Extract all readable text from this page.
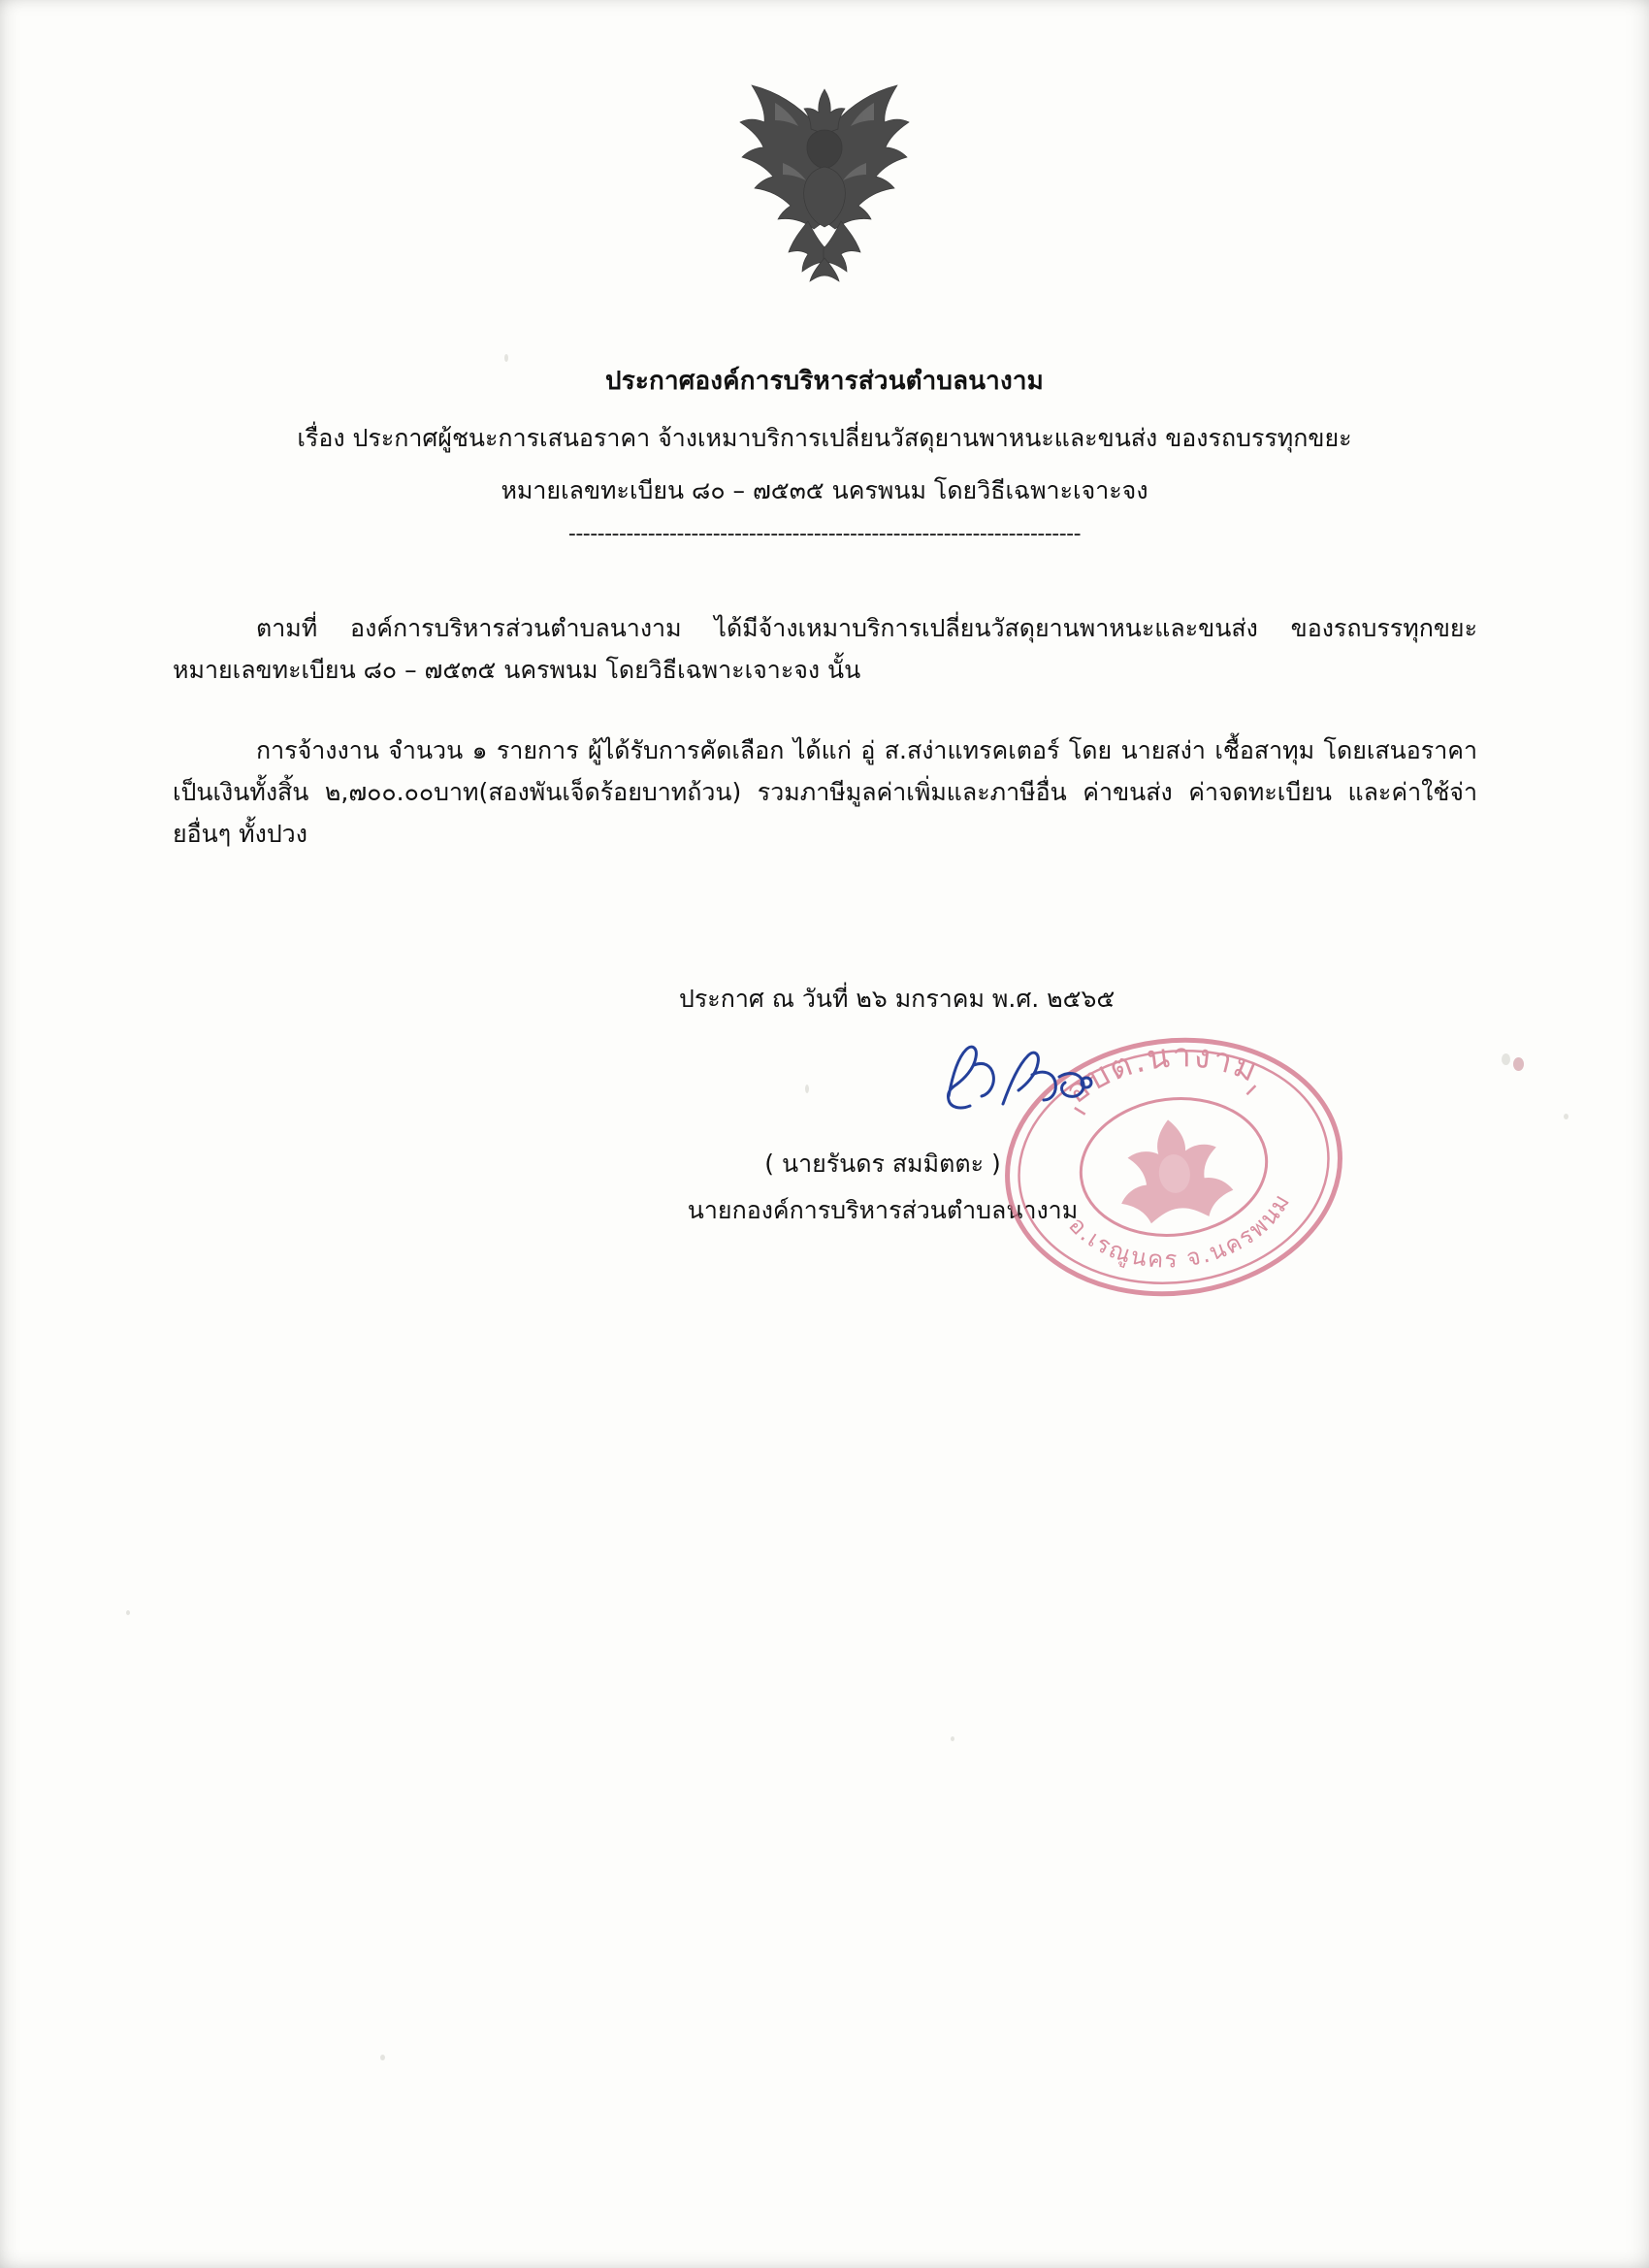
ประกาศองค์การบริหารส่วนตำบลนางาม
เรื่อง ประกาศผู้ชนะการเสนอราคา จ้างเหมาบริการเปลี่ยนวัสดุยานพาหนะและขนส่ง ของรถบรรทุกขยะ
หมายเลขทะเบียน ๘๐ – ๗๕๓๕ นครพนม โดยวิธีเฉพาะเจาะจง
-----------------------------------------------------------------------
ตามที่ องค์การบริหารส่วนตำบลนางาม ได้มีจ้างเหมาบริการเปลี่ยนวัสดุยานพาหนะและขนส่ง ของรถบรรทุกขยะ หมายเลขทะเบียน ๘๐ – ๗๕๓๕ นครพนม โดยวิธีเฉพาะเจาะจง นั้น
การจ้างงาน จำนวน ๑ รายการ ผู้ได้รับการคัดเลือก ได้แก่ อู่ ส.สง่าแทรคเตอร์ โดย นายสง่า เชื้อสาทุม โดยเสนอราคา เป็นเงินทั้งสิ้น ๒,๗๐๐.๐๐บาท(สองพันเจ็ดร้อยบาทถ้วน) รวมภาษีมูลค่าเพิ่มและภาษีอื่น ค่าขนส่ง ค่าจดทะเบียน และค่าใช้จ่ายอื่นๆ ทั้งปวง
ประกาศ ณ วันที่ ๒๖ มกราคม พ.ศ. ๒๕๖๕
อบต.นางาม
อ.เรณูนคร จ.นครพนม
( นายรันดร สมมิตตะ )
นายกองค์การบริหารส่วนตำบลนางาม
